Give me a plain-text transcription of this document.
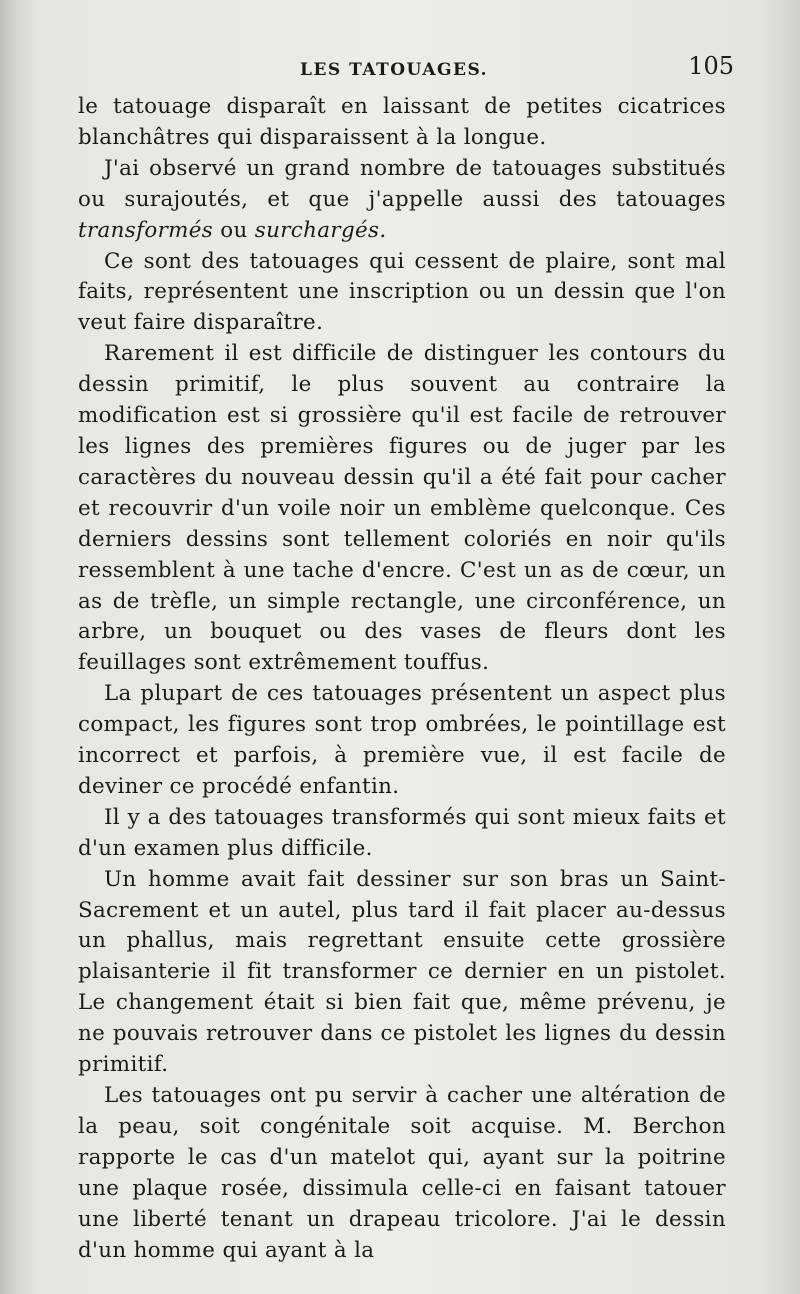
LES TATOUAGES.	105

le tatouage disparaît en laissant de petites cicatrices blanchâtres qui disparaissent à la longue.

J'ai observé un grand nombre de tatouages substitués ou surajoutés, et que j'appelle aussi des tatouages transformés ou surchargés.

Ce sont des tatouages qui cessent de plaire, sont mal faits, représentent une inscription ou un dessin que l'on veut faire disparaître.

Rarement il est difficile de distinguer les contours du dessin primitif, le plus souvent au contraire la modification est si grossière qu'il est facile de retrouver les lignes des premières figures ou de juger par les caractères du nouveau dessin qu'il a été fait pour cacher et recouvrir d'un voile noir un emblème quelconque. Ces derniers dessins sont tellement coloriés en noir qu'ils ressemblent à une tache d'encre. C'est un as de cœur, un as de trèfle, un simple rectangle, une circonférence, un arbre, un bouquet ou des vases de fleurs dont les feuillages sont extrêmement touffus.

La plupart de ces tatouages présentent un aspect plus compact, les figures sont trop ombrées, le pointillage est incorrect et parfois, à première vue, il est facile de deviner ce procédé enfantin.

Il y a des tatouages transformés qui sont mieux faits et d'un examen plus difficile.

Un homme avait fait dessiner sur son bras un Saint-Sacrement et un autel, plus tard il fait placer au-dessus un phallus, mais regrettant ensuite cette grossière plaisanterie il fit transformer ce dernier en un pistolet. Le changement était si bien fait que, même prévenu, je ne pouvais retrouver dans ce pistolet les lignes du dessin primitif.

Les tatouages ont pu servir à cacher une altération de la peau, soit congénitale soit acquise. M. Berchon rapporte le cas d'un matelot qui, ayant sur la poitrine une plaque rosée, dissimula celle-ci en faisant tatouer une liberté tenant un drapeau tricolore. J'ai le dessin d'un homme qui ayant à la
